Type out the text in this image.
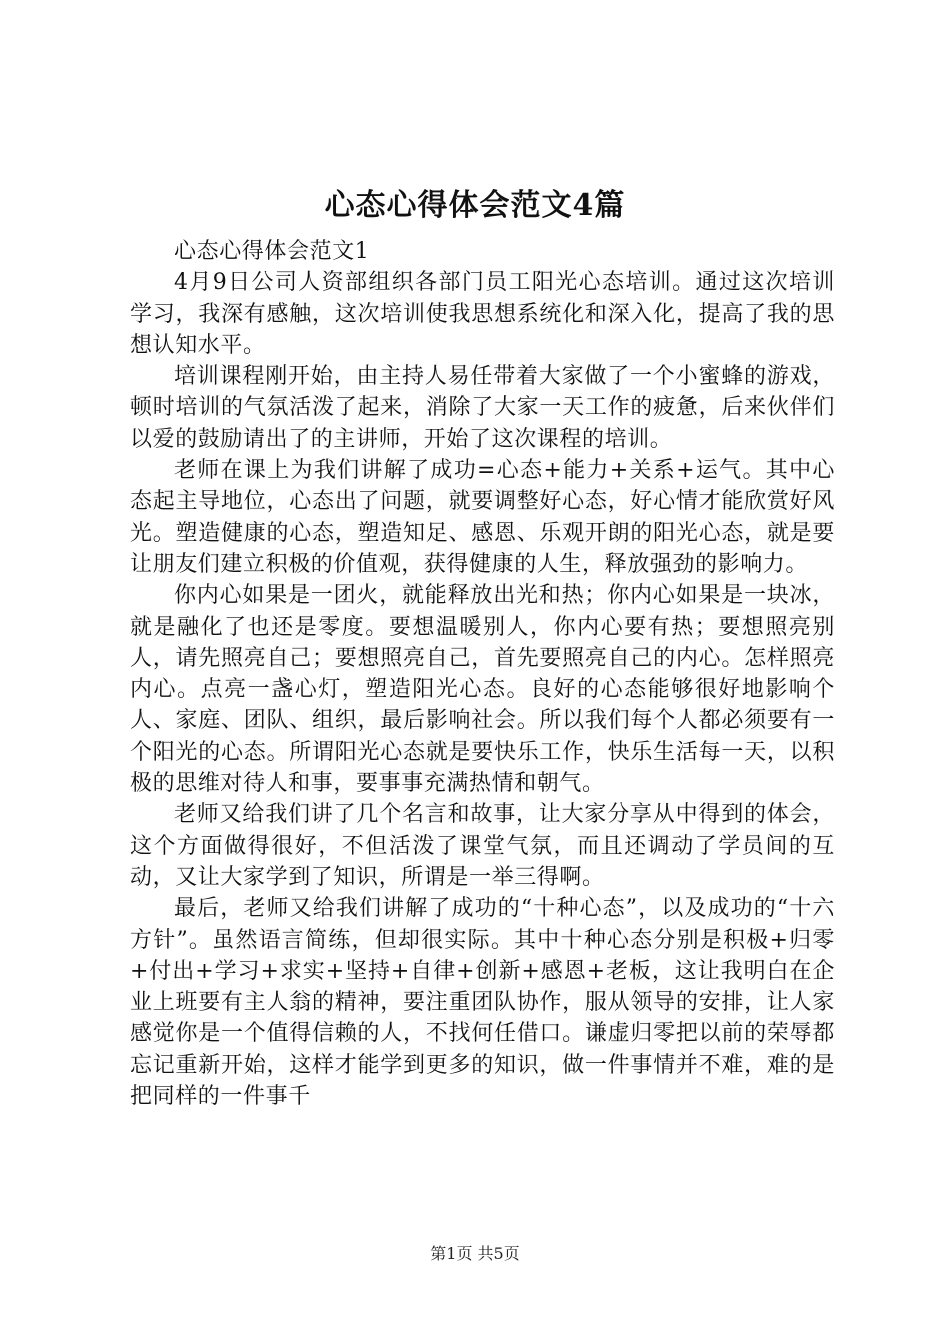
心态心得体会范文4篇

心态心得体会范文1

4月9日公司人资部组织各部门员工阳光心态培训。通过这次培训学习，我深有感触，这次培训使我思想系统化和深入化，提高了我的思想认知水平。

培训课程刚开始，由主持人易任带着大家做了一个小蜜蜂的游戏，顿时培训的气氛活泼了起来，消除了大家一天工作的疲惫，后来伙伴们以爱的鼓励请出了的主讲师，开始了这次课程的培训。

老师在课上为我们讲解了成功=心态+能力+关系+运气。其中心态起主导地位，心态出了问题，就要调整好心态，好心情才能欣赏好风光。塑造健康的心态，塑造知足、感恩、乐观开朗的阳光心态，就是要让朋友们建立积极的价值观，获得健康的人生，释放强劲的影响力。

你内心如果是一团火，就能释放出光和热；你内心如果是一块冰，就是融化了也还是零度。要想温暖别人，你内心要有热；要想照亮别人，请先照亮自己；要想照亮自己，首先要照亮自己的内心。怎样照亮内心。点亮一盏心灯，塑造阳光心态。良好的心态能够很好地影响个人、家庭、团队、组织，最后影响社会。所以我们每个人都必须要有一个阳光的心态。所谓阳光心态就是要快乐工作，快乐生活每一天，以积极的思维对待人和事，要事事充满热情和朝气。

老师又给我们讲了几个名言和故事，让大家分享从中得到的体会，这个方面做得很好，不但活泼了课堂气氛，而且还调动了学员间的互动，又让大家学到了知识，所谓是一举三得啊。

最后，老师又给我们讲解了成功的“十种心态”，以及成功的“十六方针”。虽然语言简练，但却很实际。其中十种心态分别是积极+归零+付出+学习+求实+坚持+自律+创新+感恩+老板，这让我明白在企业上班要有主人翁的精神，要注重团队协作，服从领导的安排，让人家感觉你是一个值得信赖的人，不找何任借口。谦虚归零把以前的荣辱都忘记重新开始，这样才能学到更多的知识，做一件事情并不难，难的是把同样的一件事千

第1页 共5页
